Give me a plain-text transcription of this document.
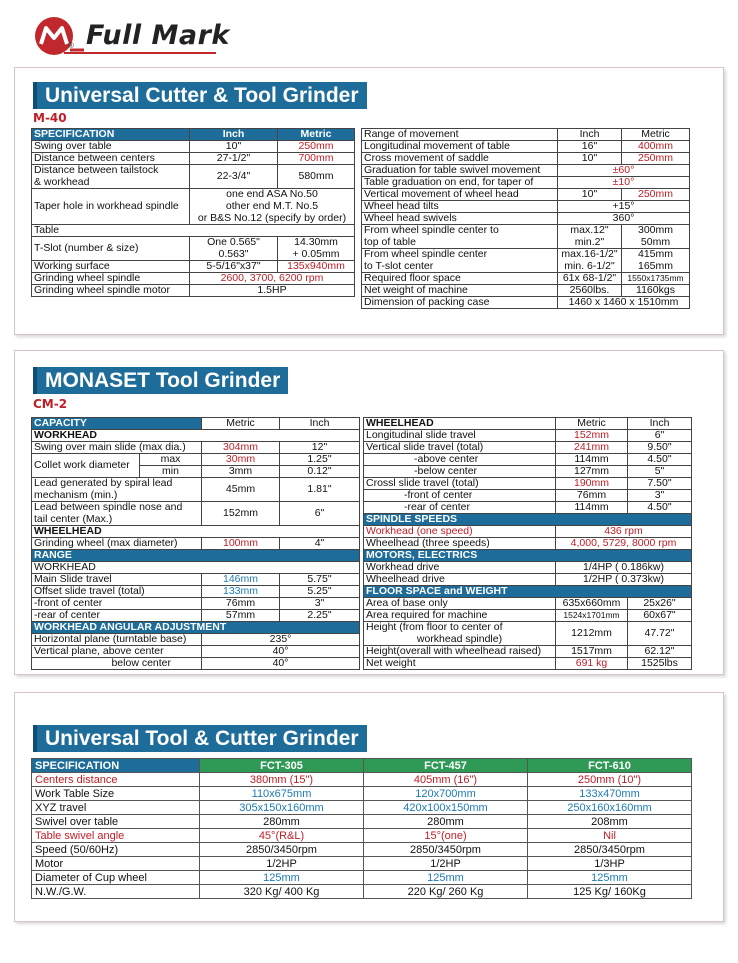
Full Mark
®
Universal Cutter & Tool Grinder
M-40
SPECIFICATION	Inch	Metric
Swing over table	10"	250mm
Distance between centers	27-1/2"	700mm
Distance between tailstock	22-3/4"	580mm
& workhead		
Taper hole in workhead spindle	one end ASA No.50	
	other end M.T. No.5	
	or B&S No.12 (specify by order)	
Table		
T-Slot (number & size)	One 0.565"	14.30mm
	0.563"	+ 0.05mm
Working surface	5-5/16"x37"	135x940mm
Grinding wheel spindle	2600, 3700, 6200 rpm	
Grinding wheel spindle motor	1.5HP	
Range of movement	Inch	Metric
Longitudinal movement of table	16"	400mm
Cross movement of saddle	10"	250mm
Graduation for table swivel movement	±60°	
Table graduation on end, for taper of	±10°	
Vertical movement of wheel head	10"	250mm
Wheel head tilts	+15°	
Wheel head swivels	360°	
From wheel spindle center to	max.12"	300mm
top of table	min.2"	50mm
From wheel spindle center	max.16-1/2"	415mm
to T-slot center	min. 6-1/2"	165mm
Required floor space	61x 68-1/2"	1550x1735mm
Net weight of machine	2560lbs.	1160kgs
Dimension of packing case	1460 x 1460 x 1510mm	
MONASET Tool Grinder
CM-2
CAPACITY		Metric	Inch
WORKHEAD			
Swing over main slide (max dia.)		304mm	12"
Collet work diameter	max	30mm	1.25"
	min	3mm	0.12"
Lead generated by spiral lead		45mm	1.81"
mechanism (min.)			
Lead between spindle nose and		152mm	6"
tail center (Max.)			
WHEELHEAD			
Grinding wheel (max diameter)		100mm	4"
RANGE			
WORKHEAD			
Main Slide travel		146mm	5.75"
Offset slide travel (total)		133mm	5.25"
-front of center		76mm	3"
-rear of center		57mm	2.25"
WORKHEAD ANGULAR ADJUSTMENT			
Horizontal plane (turntable base)		235°	
Vertical plane, above center		40°	
below center		40°	
WHEELHEAD	Metric	Inch
Longitudinal slide travel	152mm	6"
Vertical slide travel (total)	241mm	9.50"
-above center	114mm	4.50"
-below center	127mm	5"
Crossl slide travel (total)	190mm	7.50"
-front of center	76mm	3"
-rear of center	114mm	4.50"
SPINDLE SPEEDS		
Workhead (one speed)	436 rpm	
Wheelhead (three speeds)	4,000, 5729, 8000 rpm	
MOTORS, ELECTRICS		
Workhead drive	1/4HP ( 0.186kw)	
Wheelhead drive	1/2HP ( 0.373kw)	
FLOOR SPACE and WEIGHT		
Area of base only	635x660mm	25x26"
Area required for machine	1524x1701mm	60x67"
Height (from floor to center of	1212mm	47.72"
workhead spindle)		
Height(overall with wheelhead raised)	1517mm	62.12"
Net weight	691 kg	1525lbs
Universal Tool & Cutter Grinder
SPECIFICATION	FCT-305	FCT-457	FCT-610
Centers distance	380mm (15")	405mm (16")	250mm (10")
Work Table Size	110x675mm	120x700mm	133x470mm
XYZ travel	305x150x160mm	420x100x150mm	250x160x160mm
Swivel over table	280mm	280mm	208mm
Table swivel angle	45°(R&L)	15°(one)	Nil
Speed (50/60Hz)	2850/3450rpm	2850/3450rpm	2850/3450rpm
Motor	1/2HP	1/2HP	1/3HP
Diameter of Cup wheel	125mm	125mm	125mm
N.W./G.W.	320 Kg/ 400 Kg	220 Kg/ 260 Kg	125 Kg/ 160Kg
